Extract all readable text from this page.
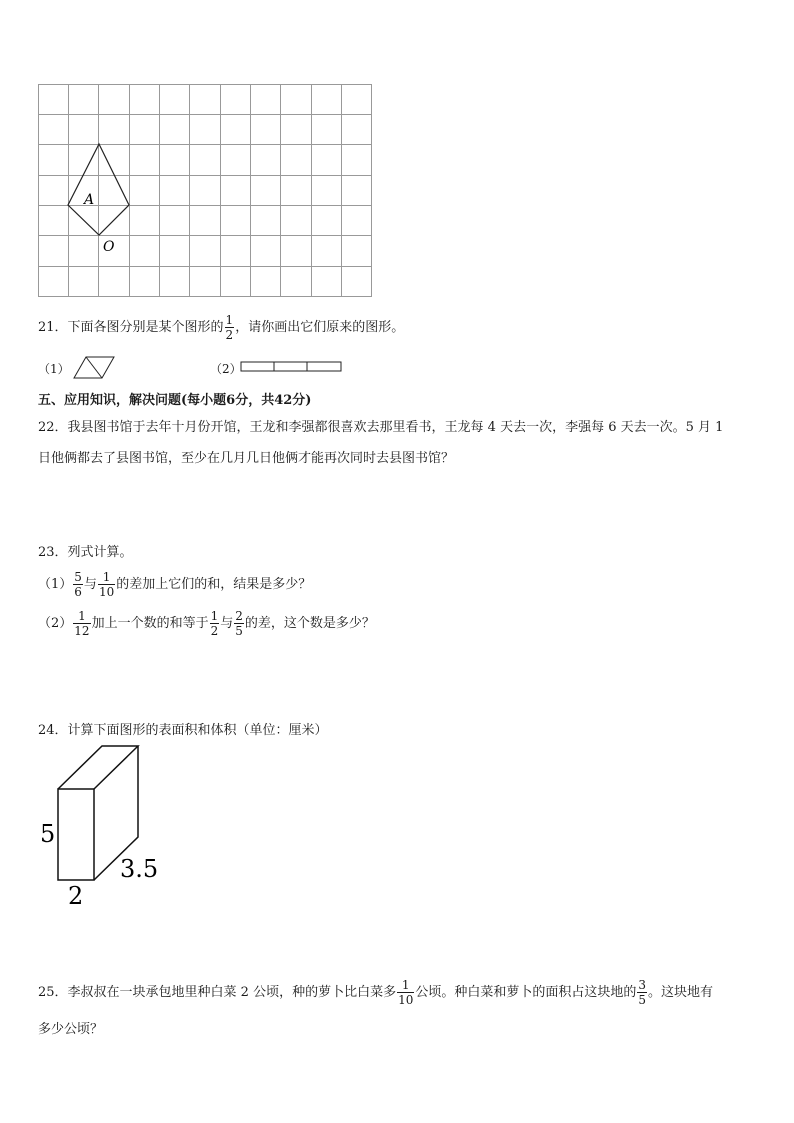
A
O
21．下面各图分别是某个图形的 $\frac{1}{2}$ ，请你画出它们原来的图形。
（1）	（2）
五、应用知识，解决问题(每小题6分，共42分)
22．我县图书馆于去年十月份开馆，王龙和李强都很喜欢去那里看书，王龙每 4 天去一次，李强每 6 天去一次。5 月 1
日他俩都去了县图书馆，至少在几月几日他俩才能再次同时去县图书馆？
23．列式计算。
$(1) \frac{5}{6}$ 与 $\frac{1}{10}$ 的差加上它们的和，结果是多少？
$(2) \frac{1}{12}$ 加上一个数的和等于 $\frac{1}{2}$ 与 $\frac{2}{5}$ 的差，这个数是多少？
24．计算下面图形的表面积和体积（单位：厘米）
5
3.5
2
25．李叔叔在一块承包地里种白菜 2 公顷，种的萝卜比白菜多 $\frac{1}{10}$ 公顷。种白菜和萝卜的面积占这块地的 $\frac{3}{5}$ 。这块地有
多少公顷？
